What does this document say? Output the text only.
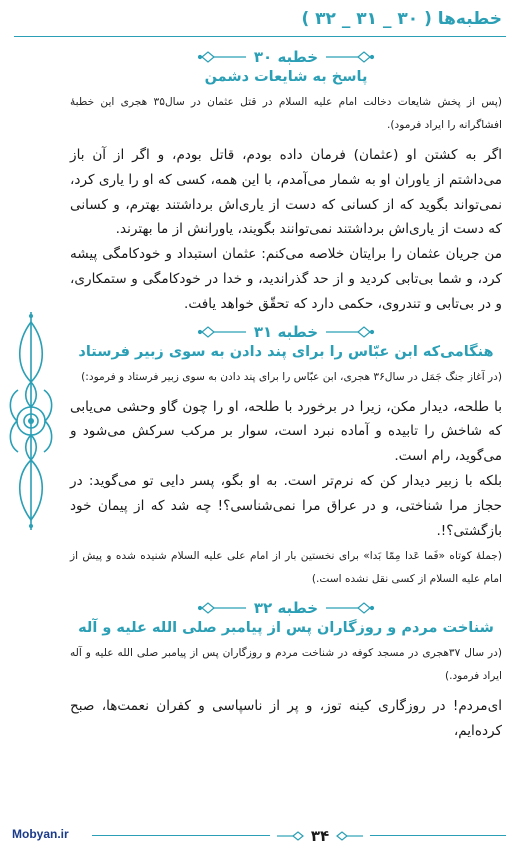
خطبه‌ها ( ۳۰ _ ۳۱ _ ۳۲ )
خطبه ۳۰
پاسخ به شایعات دشمن

(پس از پخش شایعات دخالت امام عليه السلام در قتل عثمان در سال۳۵ هجری این خطبهٔ افشاگرانه را ایراد فرمود).

اگر به کشتن او (عثمان) فرمان داده بودم، قاتل بودم، و اگر از آن باز می‌داشتم از یاوران او به شمار می‌آمدم، با این همه، کسی که او را یاری کرد، نمی‌تواند بگوید که از کسانی که دست از یاری‌اش برداشتند بهترم، و کسانی که دست از یاری‌اش برداشتند نمی‌توانند بگویند، یاورانش از ما بهترند.

من جریان عثمان را برایتان خلاصه می‌کنم: عثمان استبداد و خودکامگی پیشه کرد، و شما بی‌تابی کردید و از حد گذراندید، و خدا در خودکامگی و ستمکاری، و در بی‌تابی و تندروی، حکمی دارد که تحقّق خواهد یافت.

خطبه ۳۱
هنگامی‌که ابن عبّاس را برای پند دادن به سوی زبیر فرستاد

(در آغاز جنگ جَمَل در سال۳۶ هجری، ابن عبّاس را برای پند دادن به سوی زبیر فرستاد و فرمود:)

با طلحه، دیدار مکن، زیرا در برخورد با طلحه، او را چون گاو وحشی می‌یابی که شاخش را تابیده و آماده نبرد است، سوار بر مرکب سرکش می‌شود و می‌گوید، رام است.

بلکه با زبیر دیدار کن که نرم‌تر است. به او بگو، پسر دایی تو می‌گوید: در حجاز مرا شناختی، و در عراق مرا نمی‌شناسی؟! چه شد که از پیمان خود بازگشتی؟!.

(جملهٔ کوتاه «فَما عَدا مِمّا بَدا» برای نخستین بار از امام علی عليه السلام شنیده شده و پیش از امام عليه السلام از کسی نقل نشده است.)

خطبه ۳۲
شناخت مردم و روزگاران پس از پیامبر صلی الله علیه و آله

(در سال ۳۷هجری در مسجد کوفه در شناخت مردم و روزگاران پس از پیامبر صلی الله علیه و آله ایراد فرمود.)

ای‌مردم! در روزگاری کینه توز، و پر از ناسپاسی و کفران نعمت‌ها، صبح کرده‌ایم،

۳۴
Mobyan.ir
